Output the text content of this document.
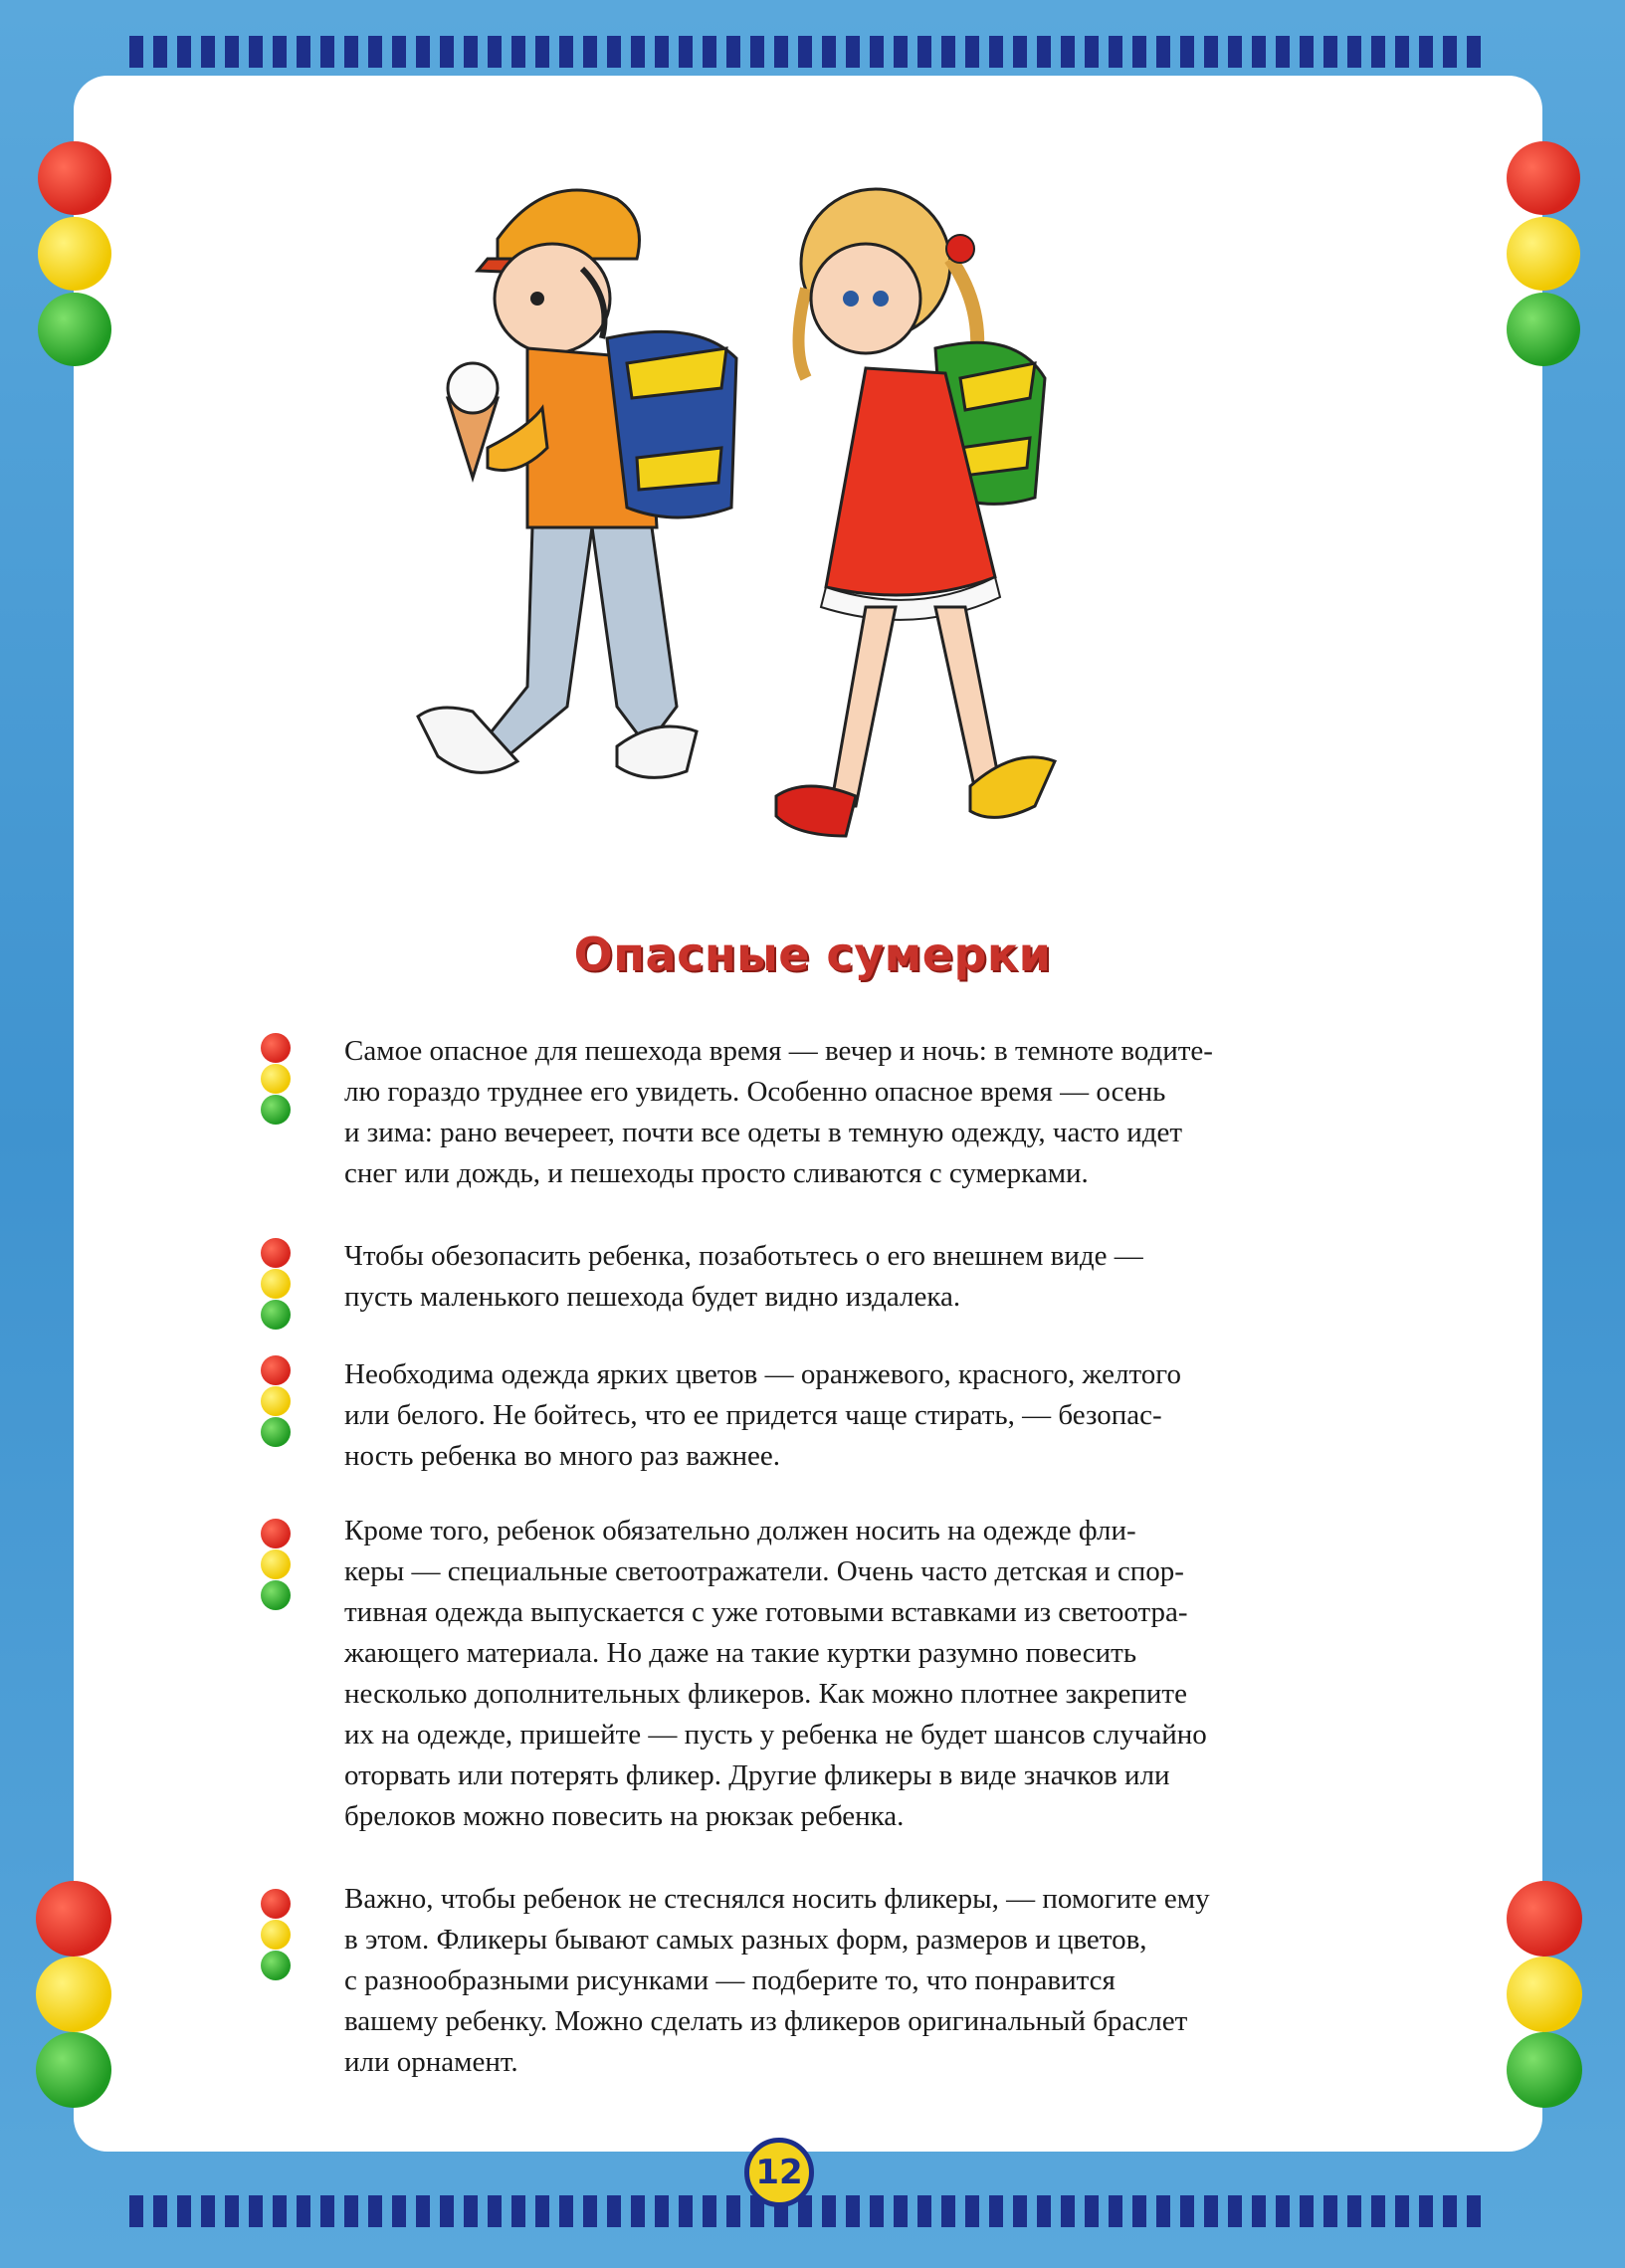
Опасные сумерки
Самое опасное для пешехода время — вечер и ночь: в темноте водите-
лю гораздо труднее его увидеть. Особенно опасное время — осень
и зима: рано вечереет, почти все одеты в темную одежду, часто идет
снег или дождь, и пешеходы просто сливаются с сумерками.
Чтобы обезопасить ребенка, позаботьтесь о его внешнем виде —
пусть маленького пешехода будет видно издалека.
Необходима одежда ярких цветов — оранжевого, красного, желтого
или белого. Не бойтесь, что ее придется чаще стирать, — безопас-
ность ребенка во много раз важнее.
Кроме того, ребенок обязательно должен носить на одежде фли-
керы — специальные светоотражатели. Очень часто детская и спор-
тивная одежда выпускается с уже готовыми вставками из светоотра-
жающего материала. Но даже на такие куртки разумно повесить
несколько дополнительных фликеров. Как можно плотнее закрепите
их на одежде, пришейте — пусть у ребенка не будет шансов случайно
оторвать или потерять фликер. Другие фликеры в виде значков или
брелоков можно повесить на рюкзак ребенка.
Важно, чтобы ребенок не стеснялся носить фликеры, — помогите ему
в этом. Фликеры бывают самых разных форм, размеров и цветов,
с разнообразными рисунками — подберите то, что понравится
вашему ребенку. Можно сделать из фликеров оригинальный браслет
или орнамент.
12
